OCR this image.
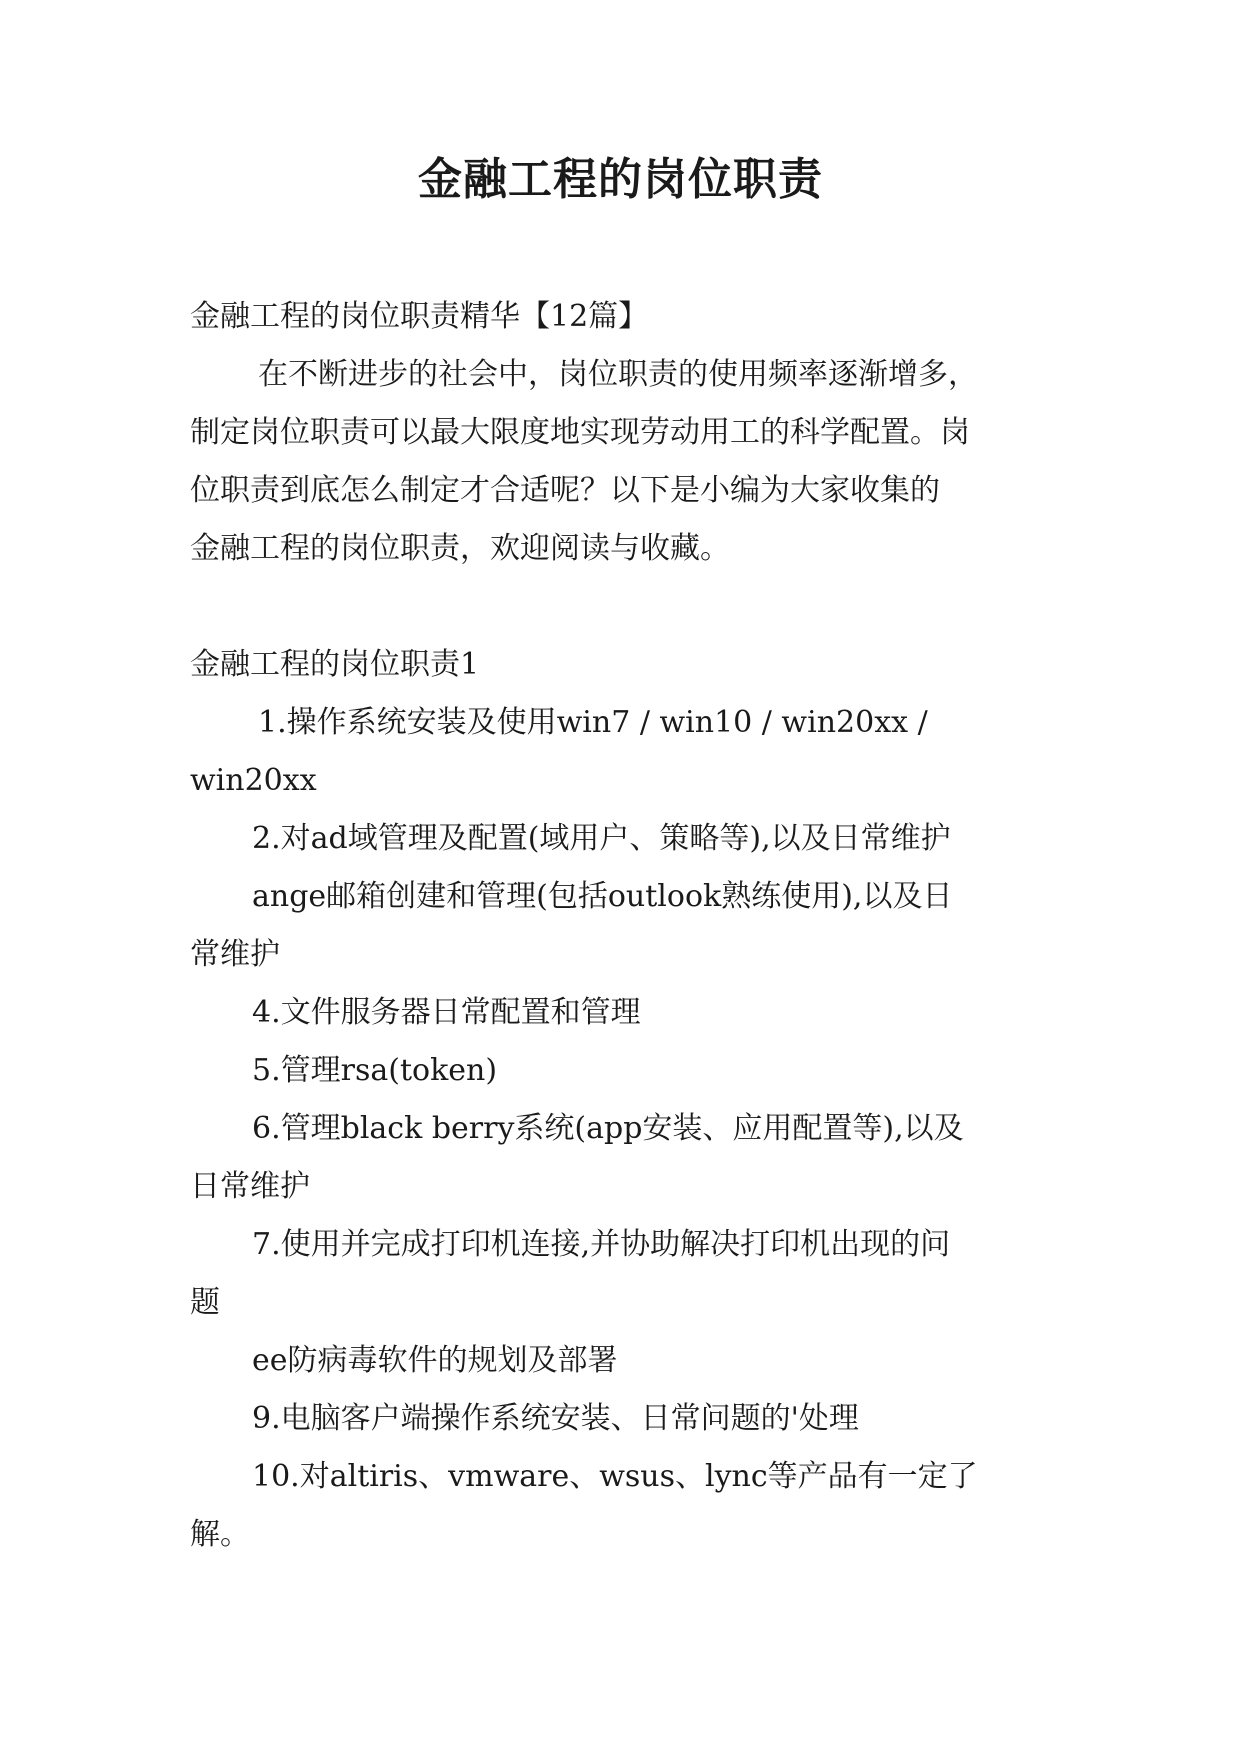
金融工程的岗位职责

金融工程的岗位职责精华【12篇】

在不断进步的社会中，岗位职责的使用频率逐渐增多，

制定岗位职责可以最大限度地实现劳动用工的科学配置。岗

位职责到底怎么制定才合适呢？以下是小编为大家收集的

金融工程的岗位职责，欢迎阅读与收藏。

金融工程的岗位职责1

1.操作系统安装及使用win7 / win10 / win20xx /

win20xx

2.对ad域管理及配置(域用户、策略等),以及日常维护

ange邮箱创建和管理(包括outlook熟练使用),以及日

常维护

4.文件服务器日常配置和管理

5.管理rsa(token)

6.管理black berry系统(app安装、应用配置等),以及

日常维护

7.使用并完成打印机连接,并协助解决打印机出现的问

题

ee防病毒软件的规划及部署

9.电脑客户端操作系统安装、日常问题的'处理

10.对altiris、vmware、wsus、lync等产品有一定了

解。
